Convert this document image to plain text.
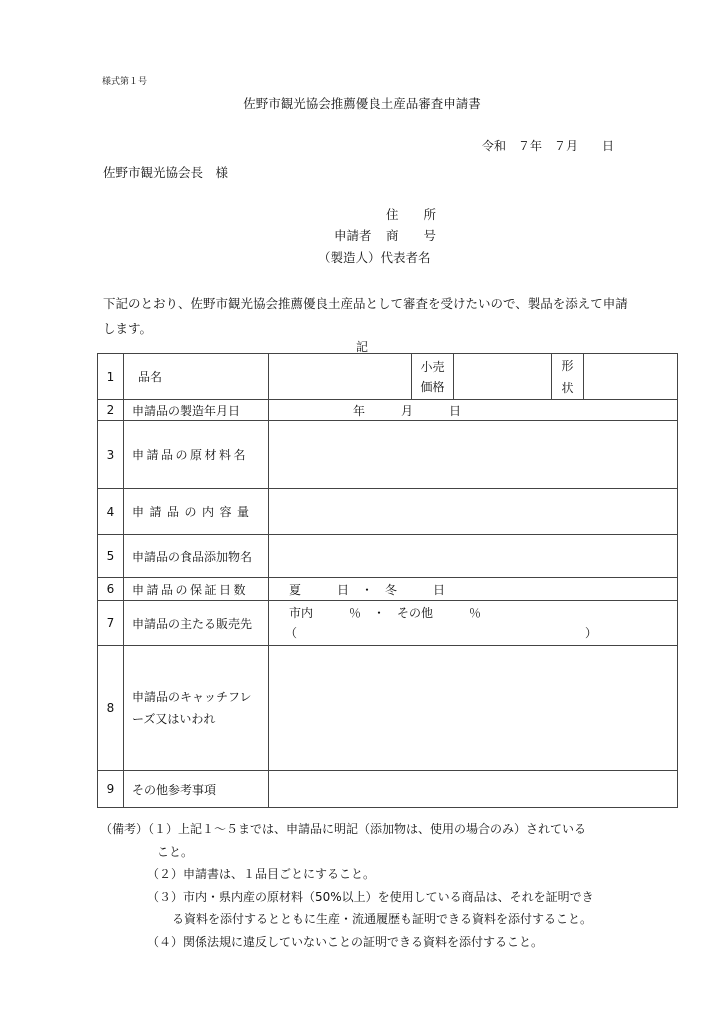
様式第１号
佐野市観光協会推薦優良土産品審査申請書
令和　７年　７月　　日
佐野市観光協会長　様
住　　所
申請者 商　　号
（製造人）代表者名
下記のとおり、佐野市観光協会推薦優良土産品として審査を受けたいので、製品を添えて申請します。
記
1	品名		小売価格		形状	
2	申請品の製造年月日	年　　　月　　　日				
3	申請品の原材料名					
4	申請品の内容量					
5	申請品の食品添加物名					
6	申請品の保証日数	夏　　　日　・　冬　　　日				
7	申請品の主たる販売先	市内　　　％　・　その他　　　％
（ ）				

8	申請品のキャッチフレーズ又はいわれ					
9	その他参考事項					
（備考）（１）上記１～５までは、申請品に明記（添加物は、使用の場合のみ）されている
こと。
（２）申請書は、１品目ごとにすること。
（３）市内・県内産の原材料（50%以上）を使用している商品は、それを証明でき
る資料を添付するとともに生産・流通履歴も証明できる資料を添付すること。
（４）関係法規に違反していないことの証明できる資料を添付すること。
